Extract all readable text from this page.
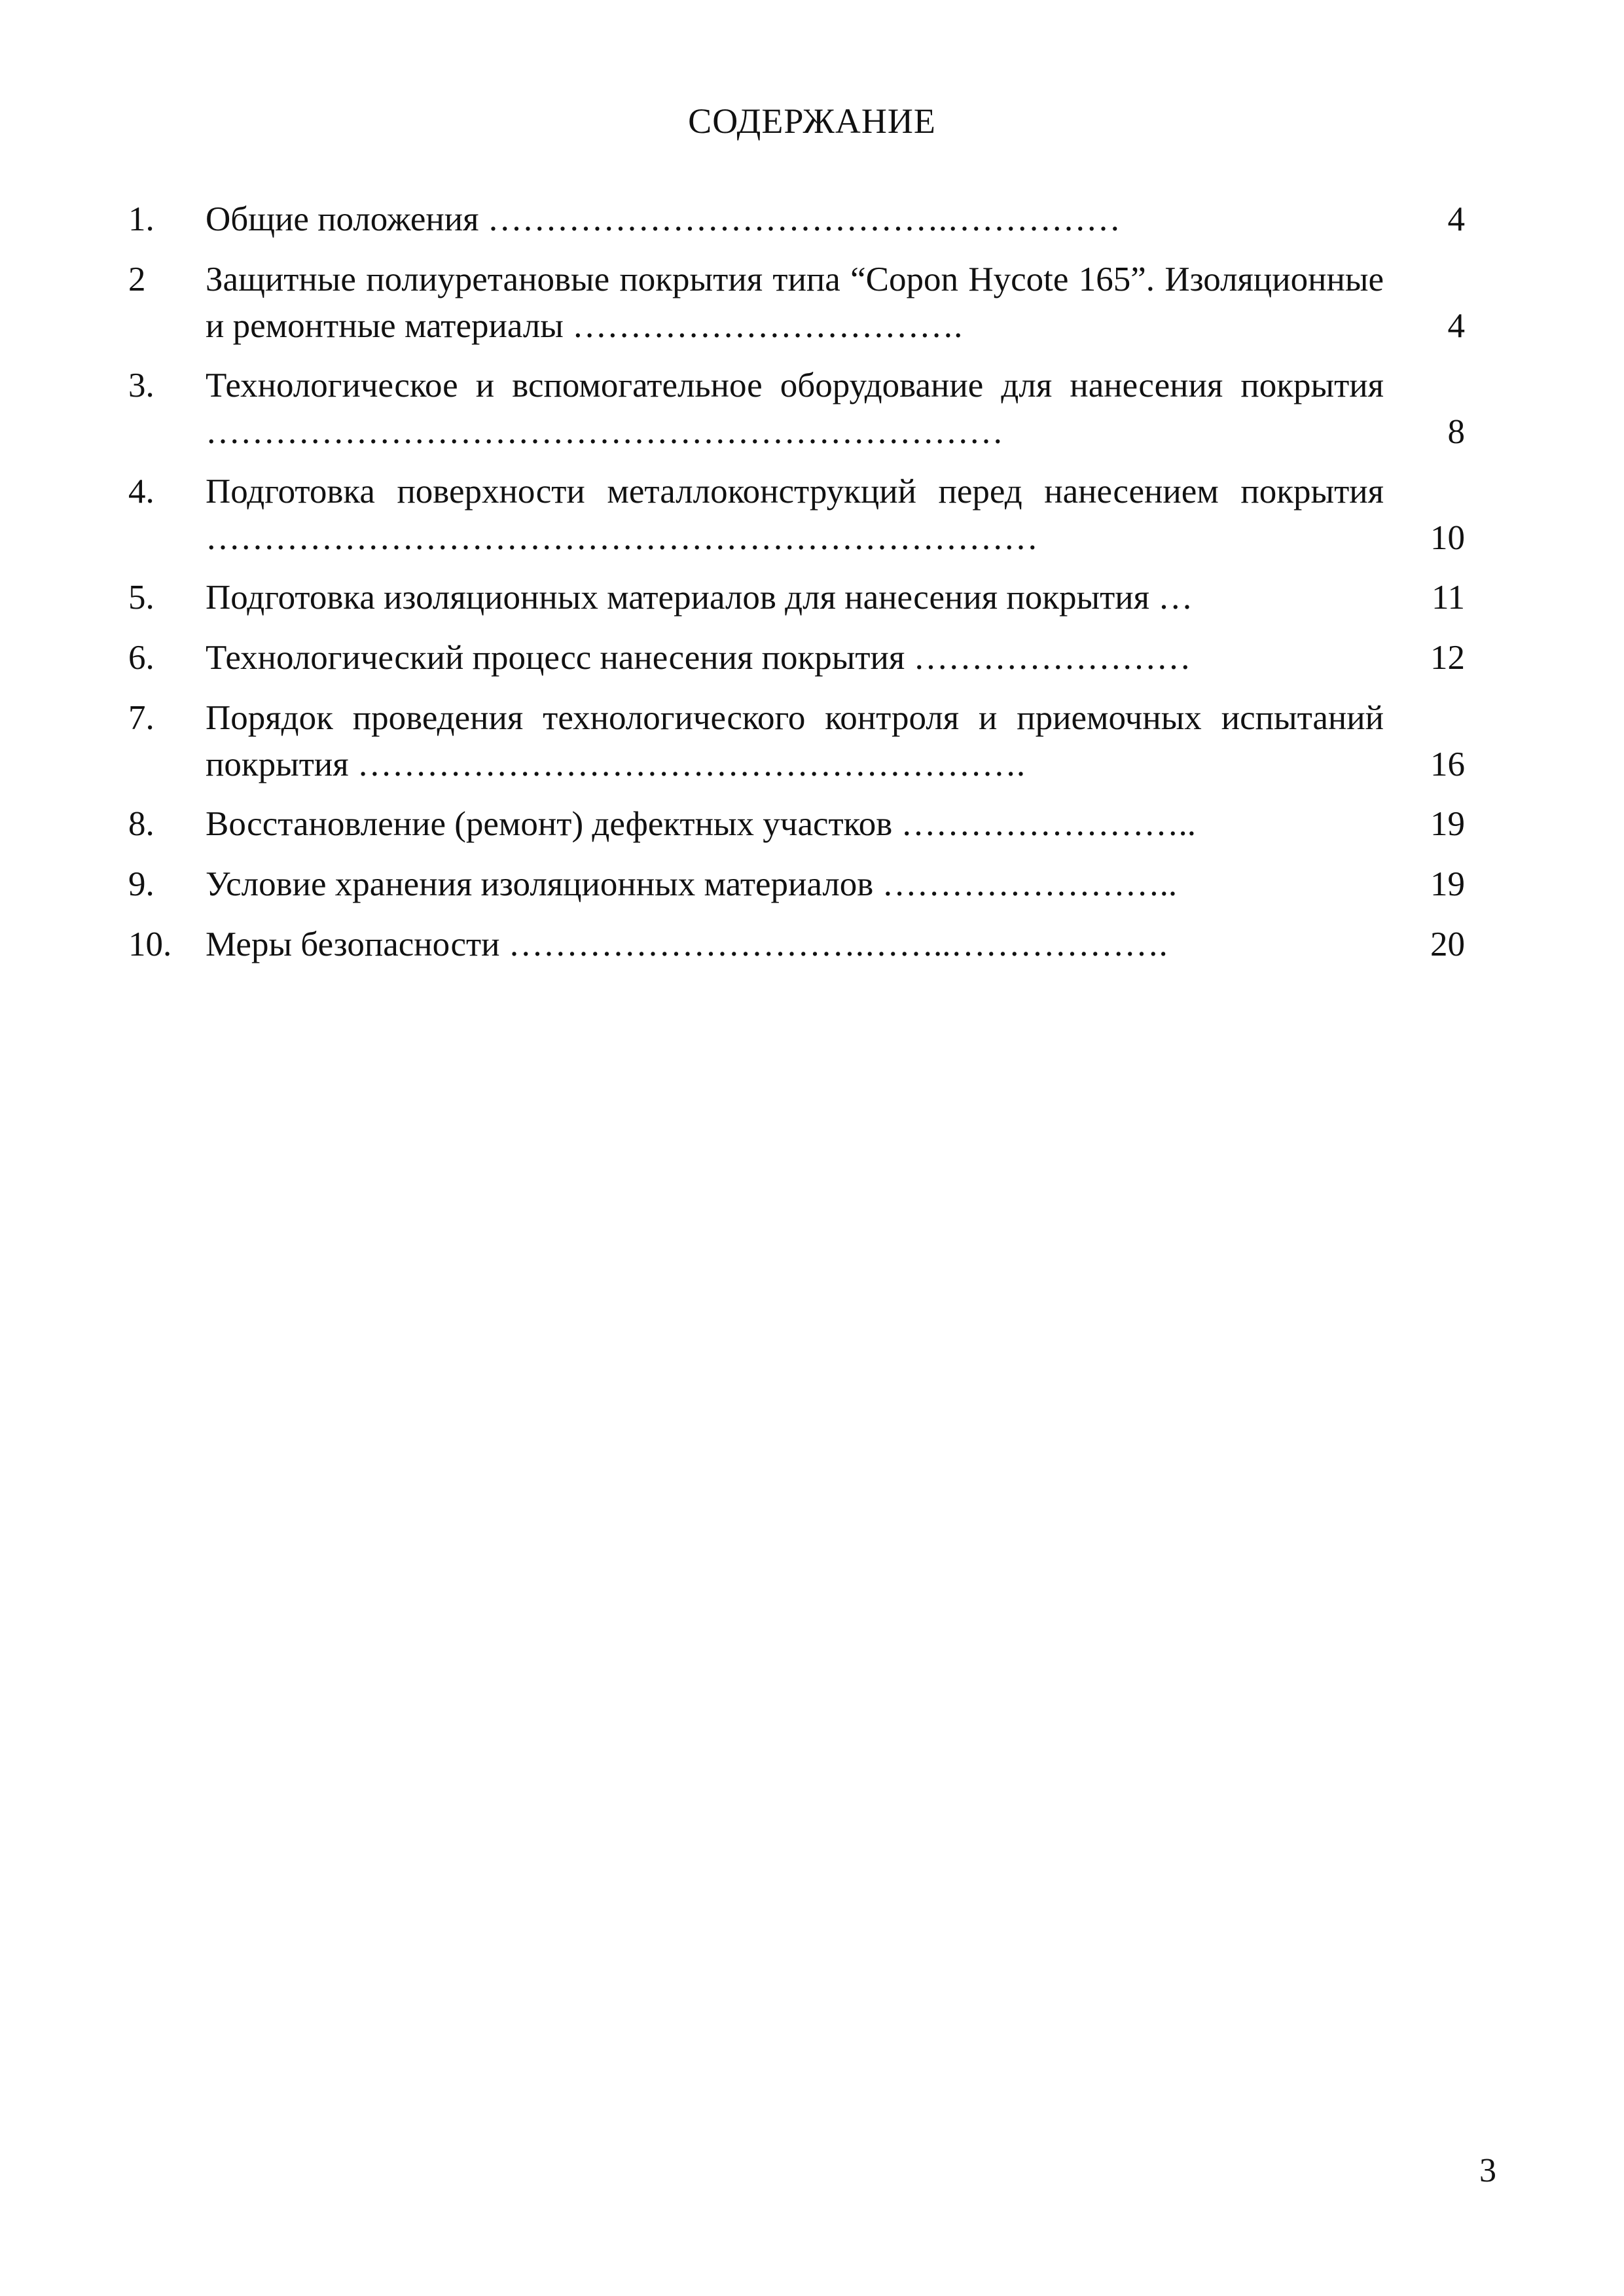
СОДЕРЖАНИЕ
1.	Общие положения ………………………………….……………	4
2	Защитные полиуретановые покрытия типа “Copon Hycote 165”. Изоляционные и ремонтные материалы …………………………….	4
3.	Технологическое и вспомогательное оборудование для нанесения покрытия ……………………………………………………………	8
4.	Подготовка поверхности металлоконструкций перед нанесением покрытия ………………………………………………………………	10
5.	Подготовка изоляционных материалов для нанесения покрытия …	11
6.	Технологический процесс нанесения покрытия ……………………	12
7.	Порядок проведения технологического контроля и приемочных испытаний покрытия ………………………………………………….	16
8.	Восстановление (ремонт) дефектных участков ……………………..	19
9.	Условие хранения изоляционных материалов ……………………..	19
10. Меры безопасности ………………………….……..……………….	20
3
